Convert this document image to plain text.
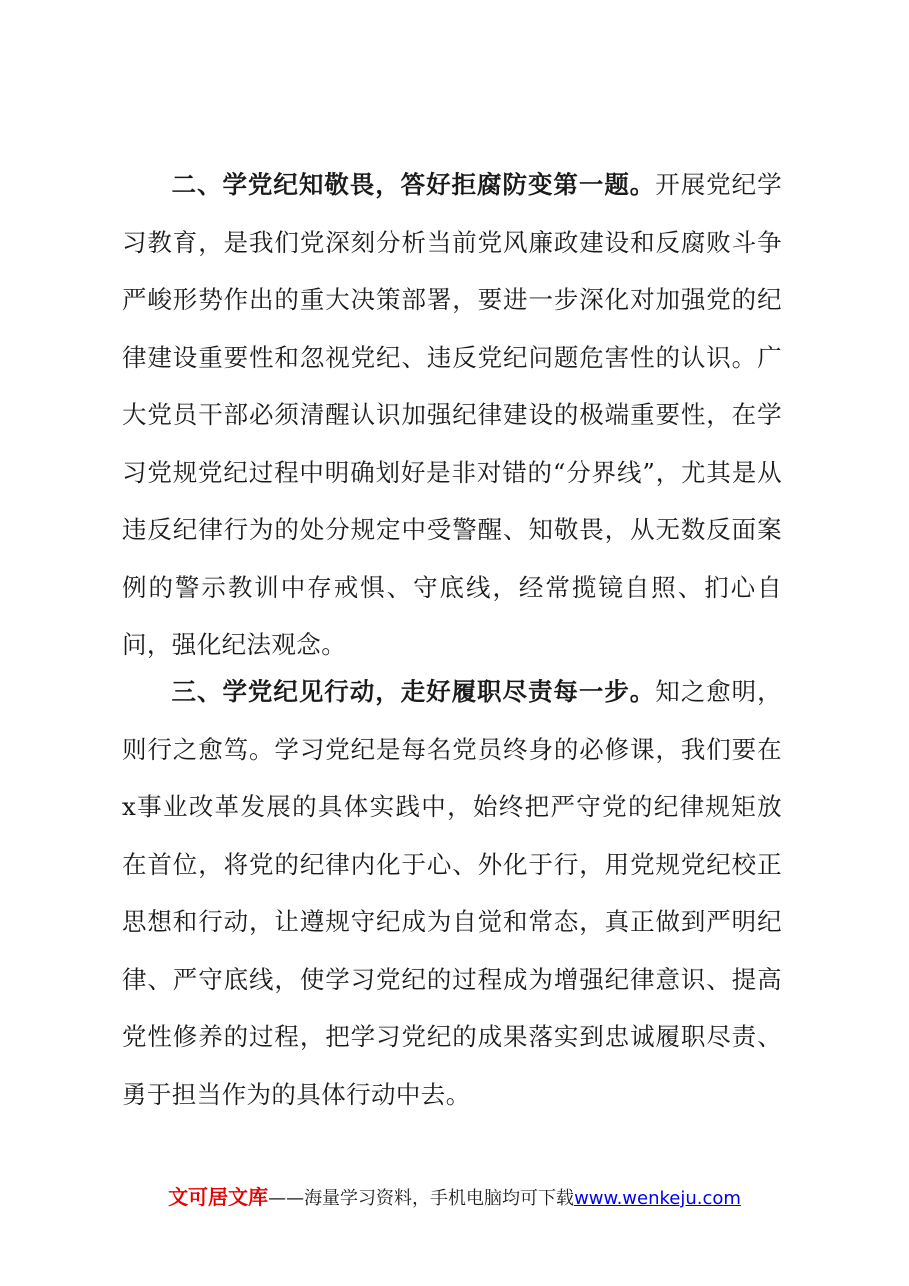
二、学党纪知敬畏，答好拒腐防变第一题。开展党纪学习教育，是我们党深刻分析当前党风廉政建设和反腐败斗争严峻形势作出的重大决策部署，要进一步深化对加强党的纪律建设重要性和忽视党纪、违反党纪问题危害性的认识。广大党员干部必须清醒认识加强纪律建设的极端重要性，在学习党规党纪过程中明确划好是非对错的“分界线”，尤其是从违反纪律行为的处分规定中受警醒、知敬畏，从无数反面案例的警示教训中存戒惧、守底线，经常揽镜自照、扪心自问，强化纪法观念。

三、学党纪见行动，走好履职尽责每一步。知之愈明，则行之愈笃。学习党纪是每名党员终身的必修课，我们要在x事业改革发展的具体实践中，始终把严守党的纪律规矩放在首位，将党的纪律内化于心、外化于行，用党规党纪校正思想和行动，让遵规守纪成为自觉和常态，真正做到严明纪律、严守底线，使学习党纪的过程成为增强纪律意识、提高党性修养的过程，把学习党纪的成果落实到忠诚履职尽责、勇于担当作为的具体行动中去。

文可居文库——海量学习资料，手机电脑均可下载www.wenkeju.com
